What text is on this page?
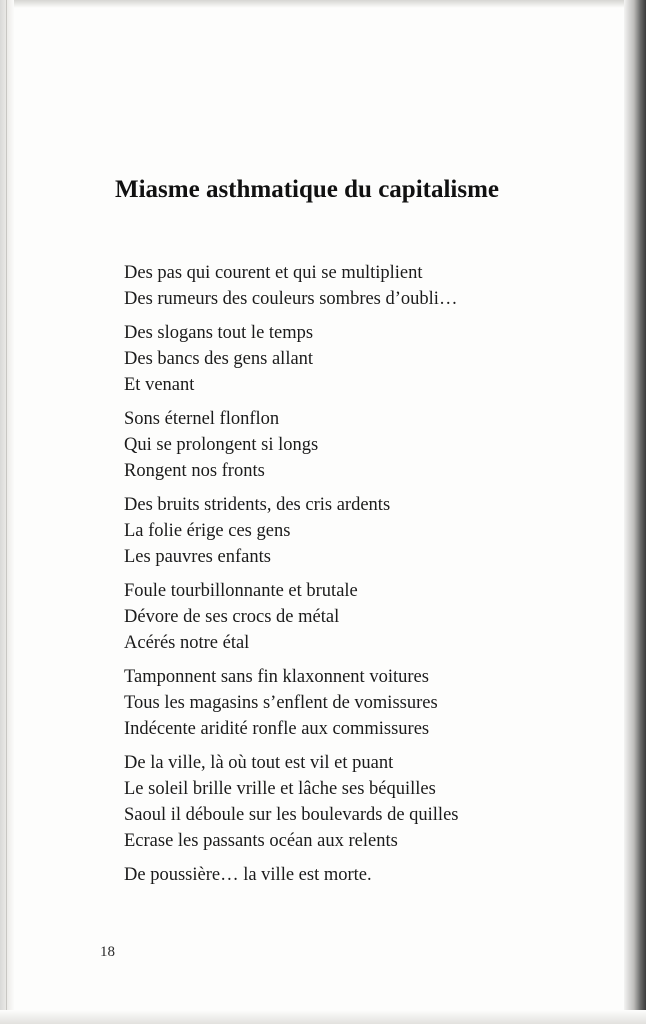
Miasme asthmatique du capitalisme
Des pas qui courent et qui se multiplient
Des rumeurs des couleurs sombres d’oubli…
Des slogans tout le temps
Des bancs des gens allant
Et venant
Sons éternel flonflon
Qui se prolongent si longs
Rongent nos fronts
Des bruits stridents, des cris ardents
La folie érige ces gens
Les pauvres enfants
Foule tourbillonnante et brutale
Dévore de ses crocs de métal
Acérés notre étal
Tamponnent sans fin klaxonnent voitures
Tous les magasins s’enflent de vomissures
Indécente aridité ronfle aux commissures
De la ville, là où tout est vil et puant
Le soleil brille vrille et lâche ses béquilles
Saoul il déboule sur les boulevards de quilles
Ecrase les passants océan aux relents
De poussière… la ville est morte.
18
